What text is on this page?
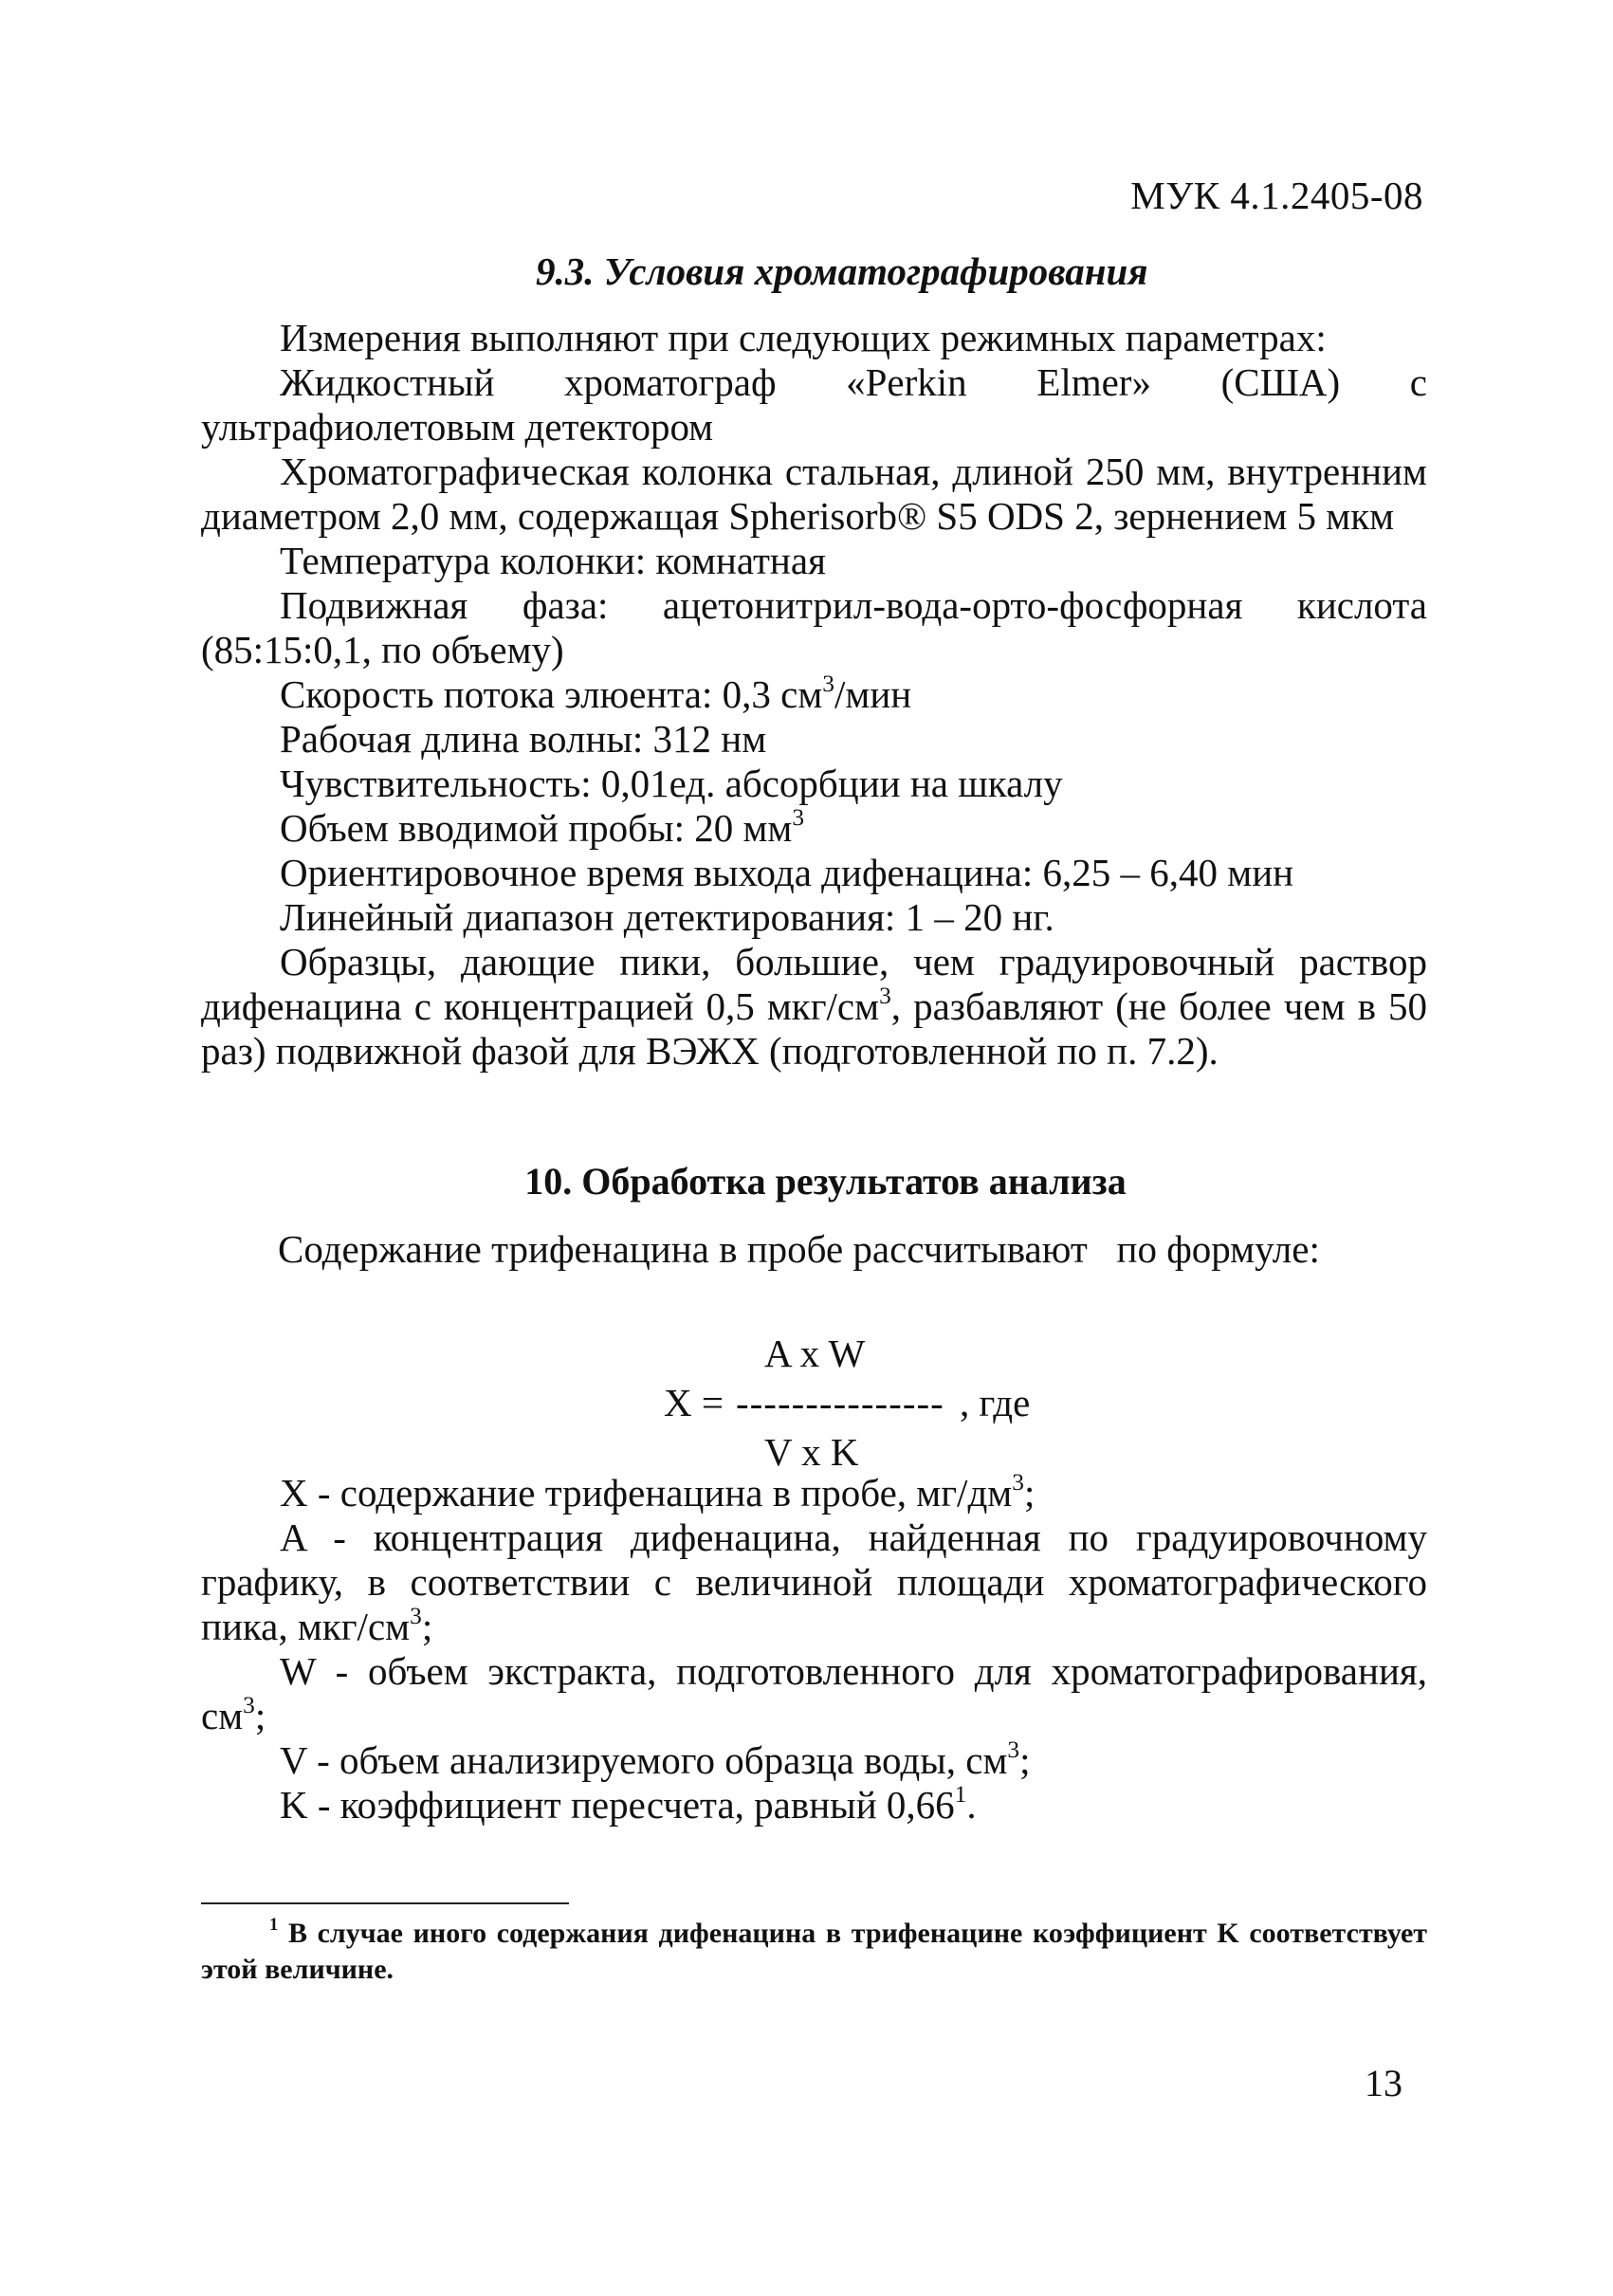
МУК 4.1.2405-08
9.3. Условия хроматографирования

Измерения выполняют при следующих режимных параметрах:

Жидкостный хроматограф «Perkin Elmer» (США) с ультрафиолетовым детектором

Хроматографическая колонка стальная, длиной 250 мм, внутренним диаметром 2,0 мм, содержащая Spherisorb® S5 ODS 2, зернением 5 мкм

Температура колонки: комнатная

Подвижная фаза: ацетонитрил-вода-орто-фосфорная кислота (85:15:0,1, по объему)

Скорость потока элюента: 0,3 $см^3$/мин

Рабочая длина волны: 312 нм

Чувствительность: 0,01ед. абсорбции на шкалу

Объем вводимой пробы: 20 $мм^3$

Ориентировочное время выхода дифенацина: 6,25 – 6,40 мин

Линейный диапазон детектирования: 1 – 20 нг.

Образцы, дающие пики, большие, чем градуировочный раствор дифенацина с концентрацией 0,5 мкг/$см^3$, разбавляют (не более чем в 50 раз) подвижной фазой для ВЭЖХ (подготовленной по п. 7.2).

10. Обработка результатов анализа
Содержание трифенацина в пробе рассчитывают   по формуле:
A x W
X = --------------- , где
V x K

X - содержание трифенацина в пробе, $мг/дм^3$;

A - концентрация дифенацина, найденная по градуировочному графику, в соответствии с величиной площади хроматографического пика, мкг/$см^3$;

W - объем экстракта, подготовленного для хроматографирования, $см^3$;

V - объем анализируемого образца воды, $см^3$;

K - коэффициент пересчета, равный 0,66$^1$.

$^1$ В случае иного содержания дифенацина в трифенацине коэффициент K соответствует этой величине.
13
